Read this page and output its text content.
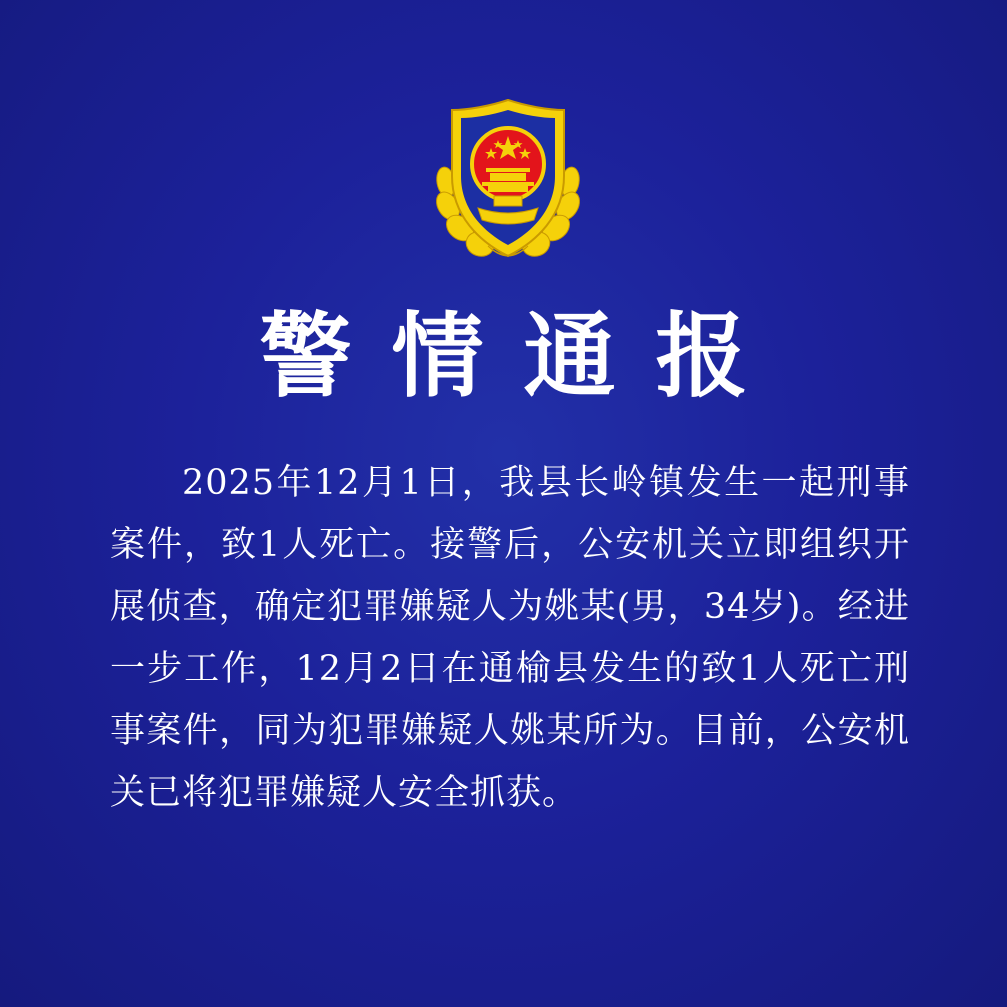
警情通报

2025年12月1日，我县长岭镇发生一起刑事案件，致1人死亡。接警后，公安机关立即组织开展侦查，确定犯罪嫌疑人为姚某(男，34岁)。经进一步工作，12月2日在通榆县发生的致1人死亡刑事案件，同为犯罪嫌疑人姚某所为。目前，公安机关已将犯罪嫌疑人安全抓获。
